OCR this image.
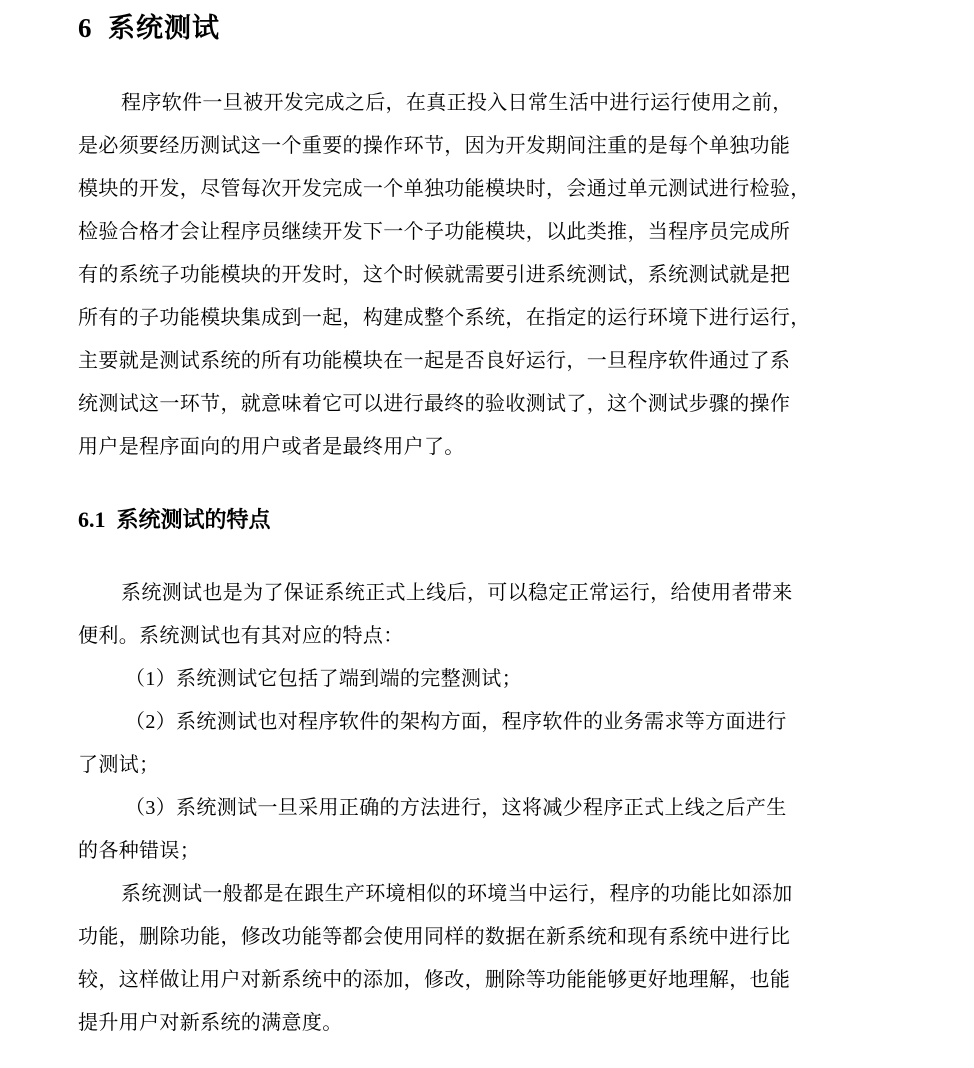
6  系统测试
程序软件一旦被开发完成之后，在真正投入日常生活中进行运行使用之前，
是必须要经历测试这一个重要的操作环节，因为开发期间注重的是每个单独功能
模块的开发，尽管每次开发完成一个单独功能模块时，会通过单元测试进行检验，
检验合格才会让程序员继续开发下一个子功能模块，以此类推，当程序员完成所
有的系统子功能模块的开发时，这个时候就需要引进系统测试，系统测试就是把
所有的子功能模块集成到一起，构建成整个系统，在指定的运行环境下进行运行，
主要就是测试系统的所有功能模块在一起是否良好运行，一旦程序软件通过了系
统测试这一环节，就意味着它可以进行最终的验收测试了，这个测试步骤的操作
用户是程序面向的用户或者是最终用户了。
6.1  系统测试的特点
系统测试也是为了保证系统正式上线后，可以稳定正常运行，给使用者带来
便利。系统测试也有其对应的特点：
（1）系统测试它包括了端到端的完整测试；
（2）系统测试也对程序软件的架构方面，程序软件的业务需求等方面进行
了测试；
（3）系统测试一旦采用正确的方法进行，这将减少程序正式上线之后产生
的各种错误；
系统测试一般都是在跟生产环境相似的环境当中运行，程序的功能比如添加
功能，删除功能，修改功能等都会使用同样的数据在新系统和现有系统中进行比
较，这样做让用户对新系统中的添加，修改，删除等功能能够更好地理解，也能
提升用户对新系统的满意度。
